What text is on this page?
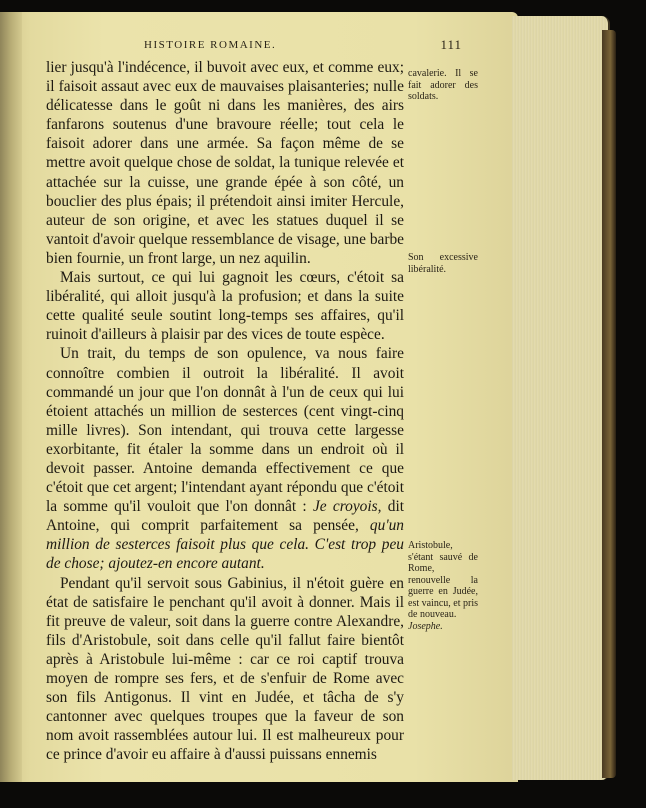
HISTOIRE ROMAINE.	111

lier jusqu'à l'indécence, il buvoit avec eux, et comme eux; il faisoit assaut avec eux de mauvaises plaisanteries; nulle délicatesse dans le goût ni dans les manières, des airs fanfarons soutenus d'une bravoure réelle; tout cela le faisoit adorer dans une armée. Sa façon même de se mettre avoit quelque chose de soldat, la tunique relevée et attachée sur la cuisse, une grande épée à son côté, un bouclier des plus épais; il prétendoit ainsi imiter Hercule, auteur de son origine, et avec les statues duquel il se vantoit d'avoir quelque ressemblance de visage, une barbe bien fournie, un front large, un nez aquilin.

Mais surtout, ce qui lui gagnoit les cœurs, c'étoit sa libéralité, qui alloit jusqu'à la profusion; et dans la suite cette qualité seule soutint long-temps ses affaires, qu'il ruinoit d'ailleurs à plaisir par des vices de toute espèce.

Un trait, du temps de son opulence, va nous faire connoître combien il outroit la libéralité. Il avoit commandé un jour que l'on donnât à l'un de ceux qui lui étoient attachés un million de sesterces (cent vingt-cinq mille livres). Son intendant, qui trouva cette largesse exorbitante, fit étaler la somme dans un endroit où il devoit passer. Antoine demanda effectivement ce que c'étoit que cet argent; l'intendant ayant répondu que c'étoit la somme qu'il vouloit que l'on donnât : Je croyois, dit Antoine, qui comprit parfaitement sa pensée, qu'un million de sesterces faisoit plus que cela. C'est trop peu de chose; ajoutez-en encore autant.

Pendant qu'il servoit sous Gabinius, il n'étoit guère en état de satisfaire le penchant qu'il avoit à donner. Mais il fit preuve de valeur, soit dans la guerre contre Alexandre, fils d'Aristobule, soit dans celle qu'il fallut faire bientôt après à Aristobule lui-même : car ce roi captif trouva moyen de rompre ses fers, et de s'enfuir de Rome avec son fils Antigonus. Il vint en Judée, et tâcha de s'y cantonner avec quelques troupes que la faveur de son nom avoit rassemblées autour lui. Il est malheureux pour ce prince d'avoir eu affaire à d'aussi puissans ennemis

cavalerie. Il se fait adorer des soldats.
Son excessive libéralité.
Aristobule, s'étant sauvé de Rome, renouvelle la guerre en Judée, est vaincu, et pris de nouveau.
Josephe.
